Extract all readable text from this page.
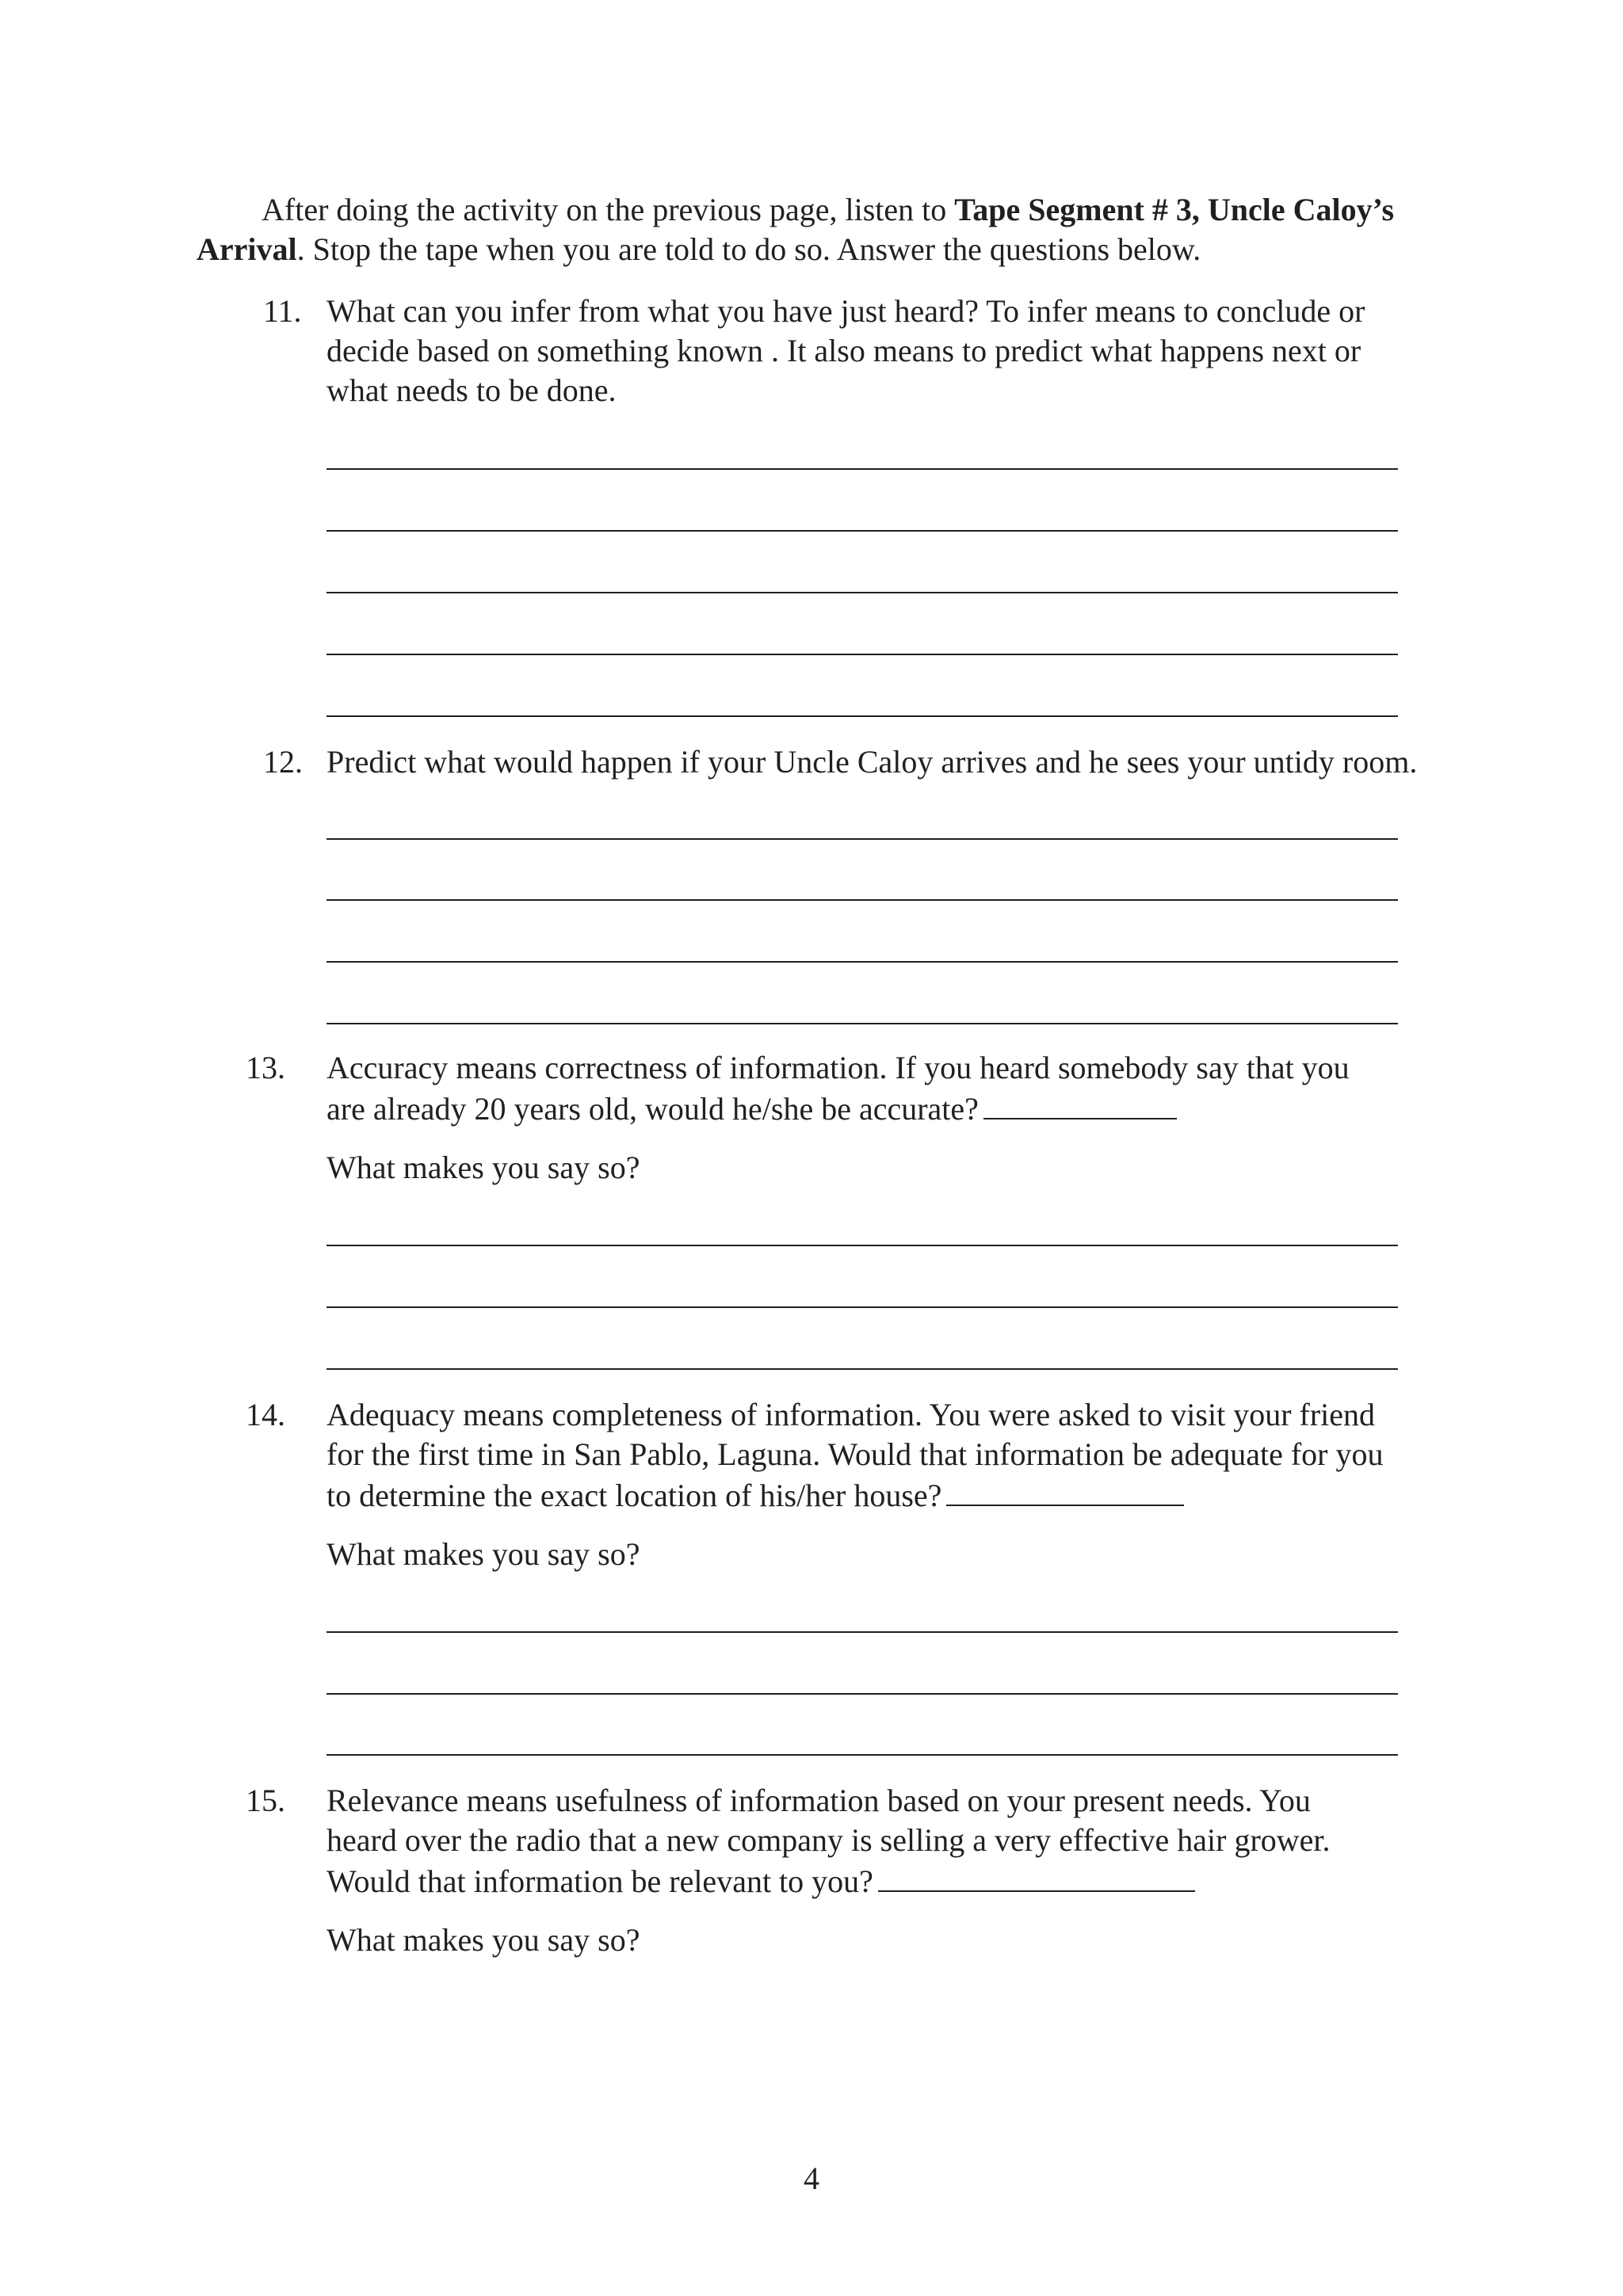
After doing the activity on the previous page, listen to Tape Segment # 3, Uncle Caloy’s
Arrival. Stop the tape when you are told to do so. Answer the questions below.
11. What can you infer from what you have just heard? To infer means to conclude or
decide based on something known . It also means to predict what happens next or
what needs to be done.
12. Predict what would happen if your Uncle Caloy arrives and he sees your untidy room.
13.	Accuracy means correctness of information. If you heard somebody say that you
are already 20 years old, would he/she be accurate?
What makes you say so?
14.	Adequacy means completeness of information. You were asked to visit your friend
for the first time in San Pablo, Laguna. Would that information be adequate for you
to determine the exact location of his/her house?
What makes you say so?
15.	Relevance means usefulness of information based on your present needs. You
heard over the radio that a new company is selling a very effective hair grower.
Would that information be relevant to you?
What makes you say so?
4
